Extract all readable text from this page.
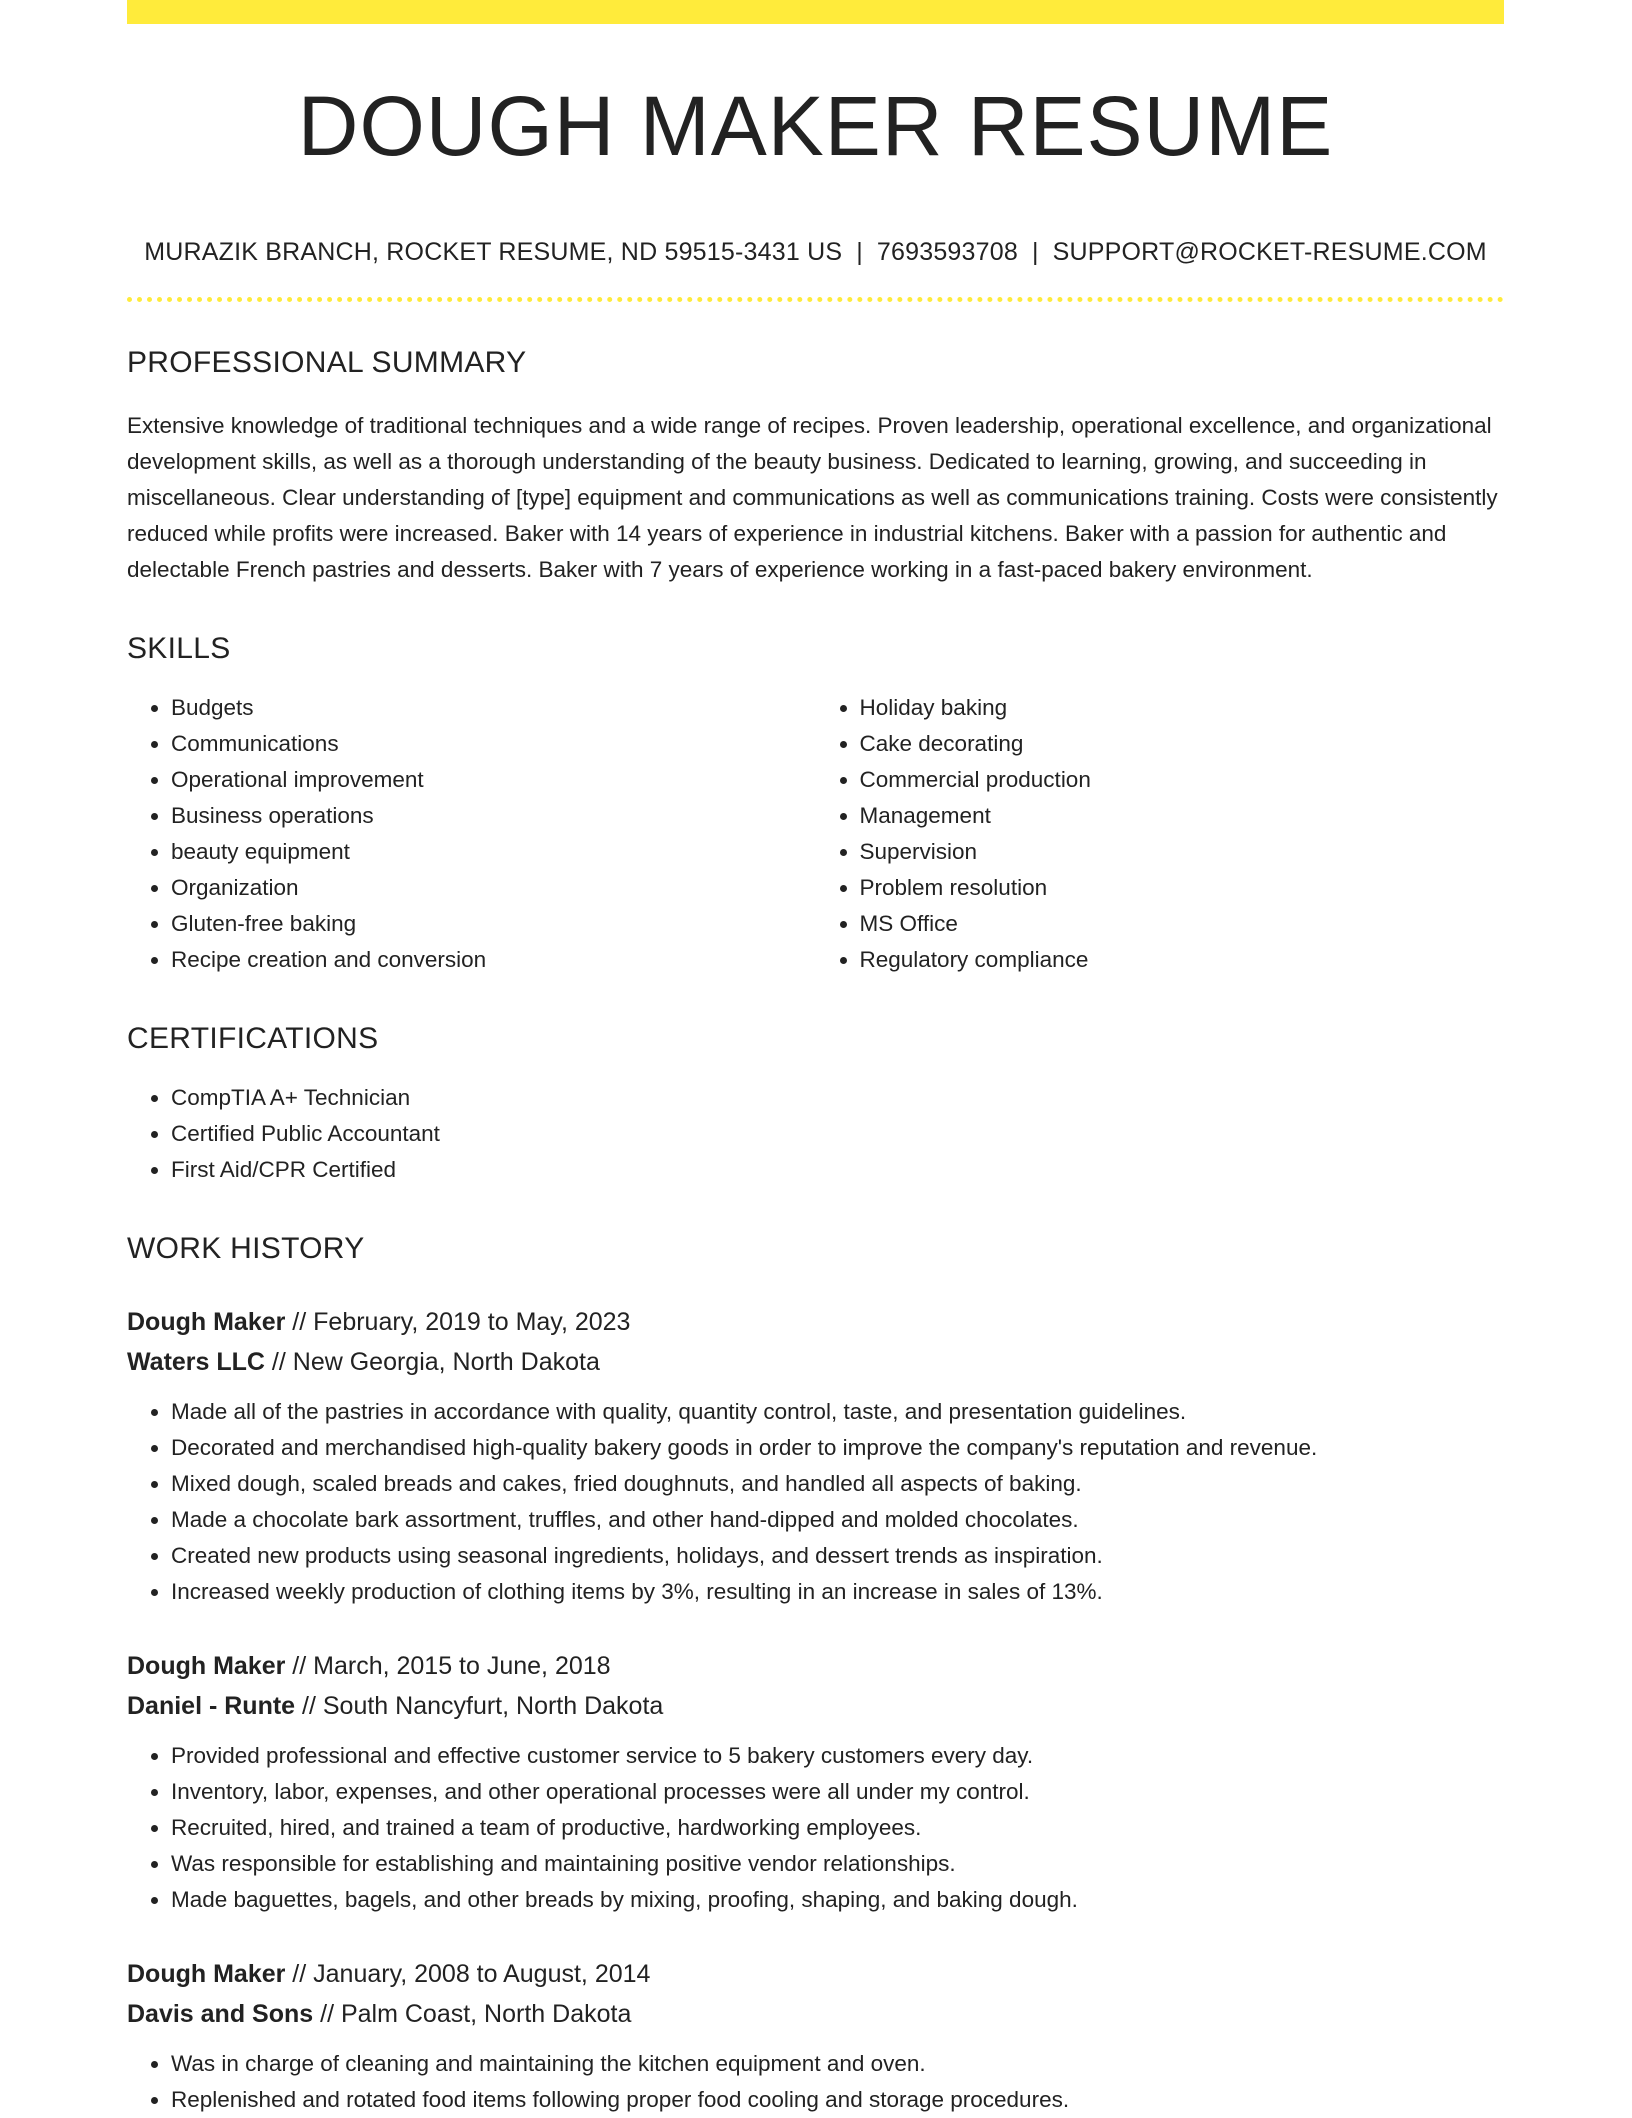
DOUGH MAKER RESUME
MURAZIK BRANCH, ROCKET RESUME, ND 59515-3431 US | 7693593708 | SUPPORT@ROCKET-RESUME.COM
PROFESSIONAL SUMMARY
Extensive knowledge of traditional techniques and a wide range of recipes. Proven leadership, operational excellence, and organizational development skills, as well as a thorough understanding of the beauty business. Dedicated to learning, growing, and succeeding in miscellaneous. Clear understanding of [type] equipment and communications as well as communications training. Costs were consistently reduced while profits were increased. Baker with 14 years of experience in industrial kitchens. Baker with a passion for authentic and delectable French pastries and desserts. Baker with 7 years of experience working in a fast-paced bakery environment.
SKILLS
• Budgets
• Communications
• Operational improvement
• Business operations
• beauty equipment
• Organization
• Gluten-free baking
• Recipe creation and conversion
• Holiday baking
• Cake decorating
• Commercial production
• Management
• Supervision
• Problem resolution
• MS Office
• Regulatory compliance
CERTIFICATIONS
• CompTIA A+ Technician
• Certified Public Accountant
• First Aid/CPR Certified
WORK HISTORY
Dough Maker // February, 2019 to May, 2023
Waters LLC // New Georgia, North Dakota
• Made all of the pastries in accordance with quality, quantity control, taste, and presentation guidelines.
• Decorated and merchandised high-quality bakery goods in order to improve the company's reputation and revenue.
• Mixed dough, scaled breads and cakes, fried doughnuts, and handled all aspects of baking.
• Made a chocolate bark assortment, truffles, and other hand-dipped and molded chocolates.
• Created new products using seasonal ingredients, holidays, and dessert trends as inspiration.
• Increased weekly production of clothing items by 3%, resulting in an increase in sales of 13%.
Dough Maker // March, 2015 to June, 2018
Daniel - Runte // South Nancyfurt, North Dakota
• Provided professional and effective customer service to 5 bakery customers every day.
• Inventory, labor, expenses, and other operational processes were all under my control.
• Recruited, hired, and trained a team of productive, hardworking employees.
• Was responsible for establishing and maintaining positive vendor relationships.
• Made baguettes, bagels, and other breads by mixing, proofing, shaping, and baking dough.
Dough Maker // January, 2008 to August, 2014
Davis and Sons // Palm Coast, North Dakota
• Was in charge of cleaning and maintaining the kitchen equipment and oven.
• Replenished and rotated food items following proper food cooling and storage procedures.
